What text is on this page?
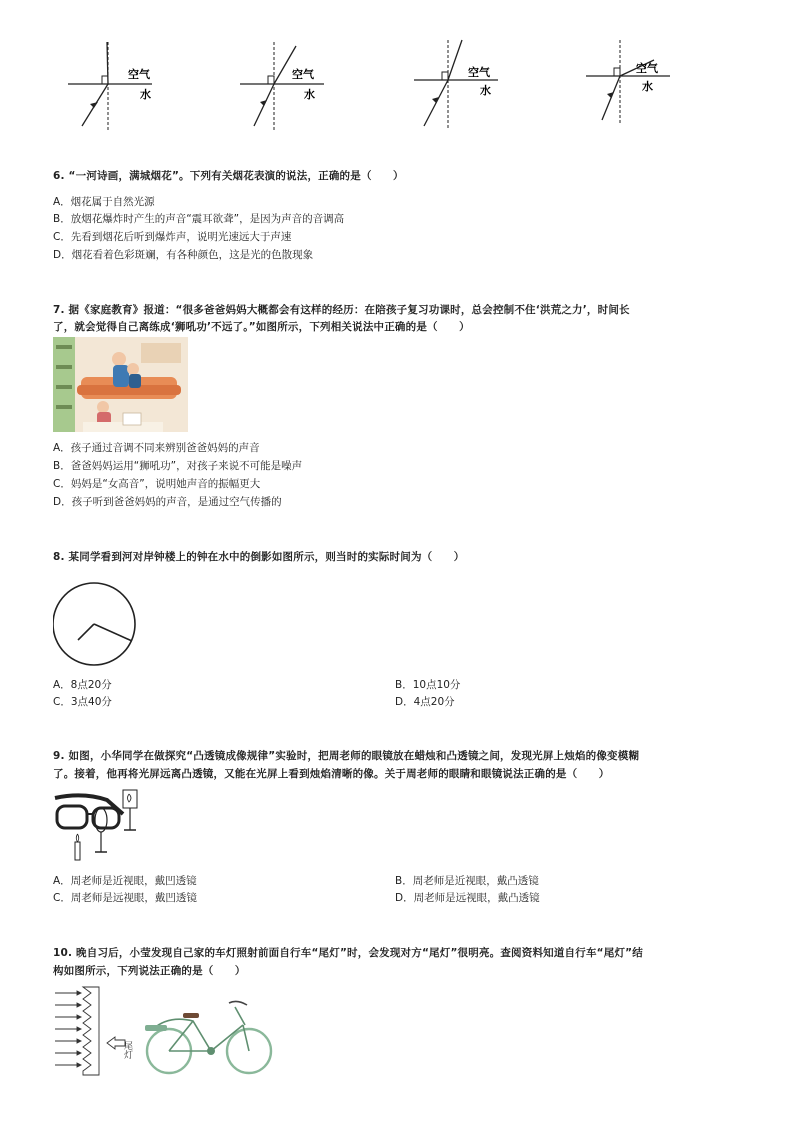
空气
水
空气
水
空气
水
空气
水
6. “一河诗画，满城烟花”。下列有关烟花表演的说法，正确的是（　　）
A．烟花属于自然光源
B．放烟花爆炸时产生的声音“震耳欲聋”，是因为声音的音调高
C．先看到烟花后听到爆炸声，说明光速远大于声速
D．烟花看着色彩斑斓，有各种颜色，这是光的色散现象
7. 据《家庭教育》报道：“很多爸爸妈妈大概都会有这样的经历：在陪孩子复习功课时，总会控制不住‘洪荒之力’，时间长
了，就会觉得自己离练成‘狮吼功’不远了。”如图所示，下列相关说法中正确的是（　　）
A．孩子通过音调不同来辨别爸爸妈妈的声音
B．爸爸妈妈运用“狮吼功”，对孩子来说不可能是噪声
C．妈妈是“女高音”，说明她声音的振幅更大
D．孩子听到爸爸妈妈的声音，是通过空气传播的
8. 某同学看到河对岸钟楼上的钟在水中的倒影如图所示，则当时的实际时间为（　　）
A．8点20分	B．10点10分
C．3点40分	D．4点20分
9. 如图，小华同学在做探究“凸透镜成像规律”实验时，把周老师的眼镜放在蜡烛和凸透镜之间，发现光屏上烛焰的像变模糊
了。接着，他再将光屏远离凸透镜，又能在光屏上看到烛焰清晰的像。关于周老师的眼睛和眼镜说法正确的是（　　）
A．周老师是近视眼，戴凹透镜	B．周老师是近视眼，戴凸透镜
C．周老师是远视眼，戴凹透镜	D．周老师是远视眼，戴凸透镜
10. 晚自习后，小莹发现自己家的车灯照射前面自行车“尾灯”时，会发现对方“尾灯”很明亮。查阅资料知道自行车“尾灯”结
构如图所示，下列说法正确的是（　　）
尾灯
